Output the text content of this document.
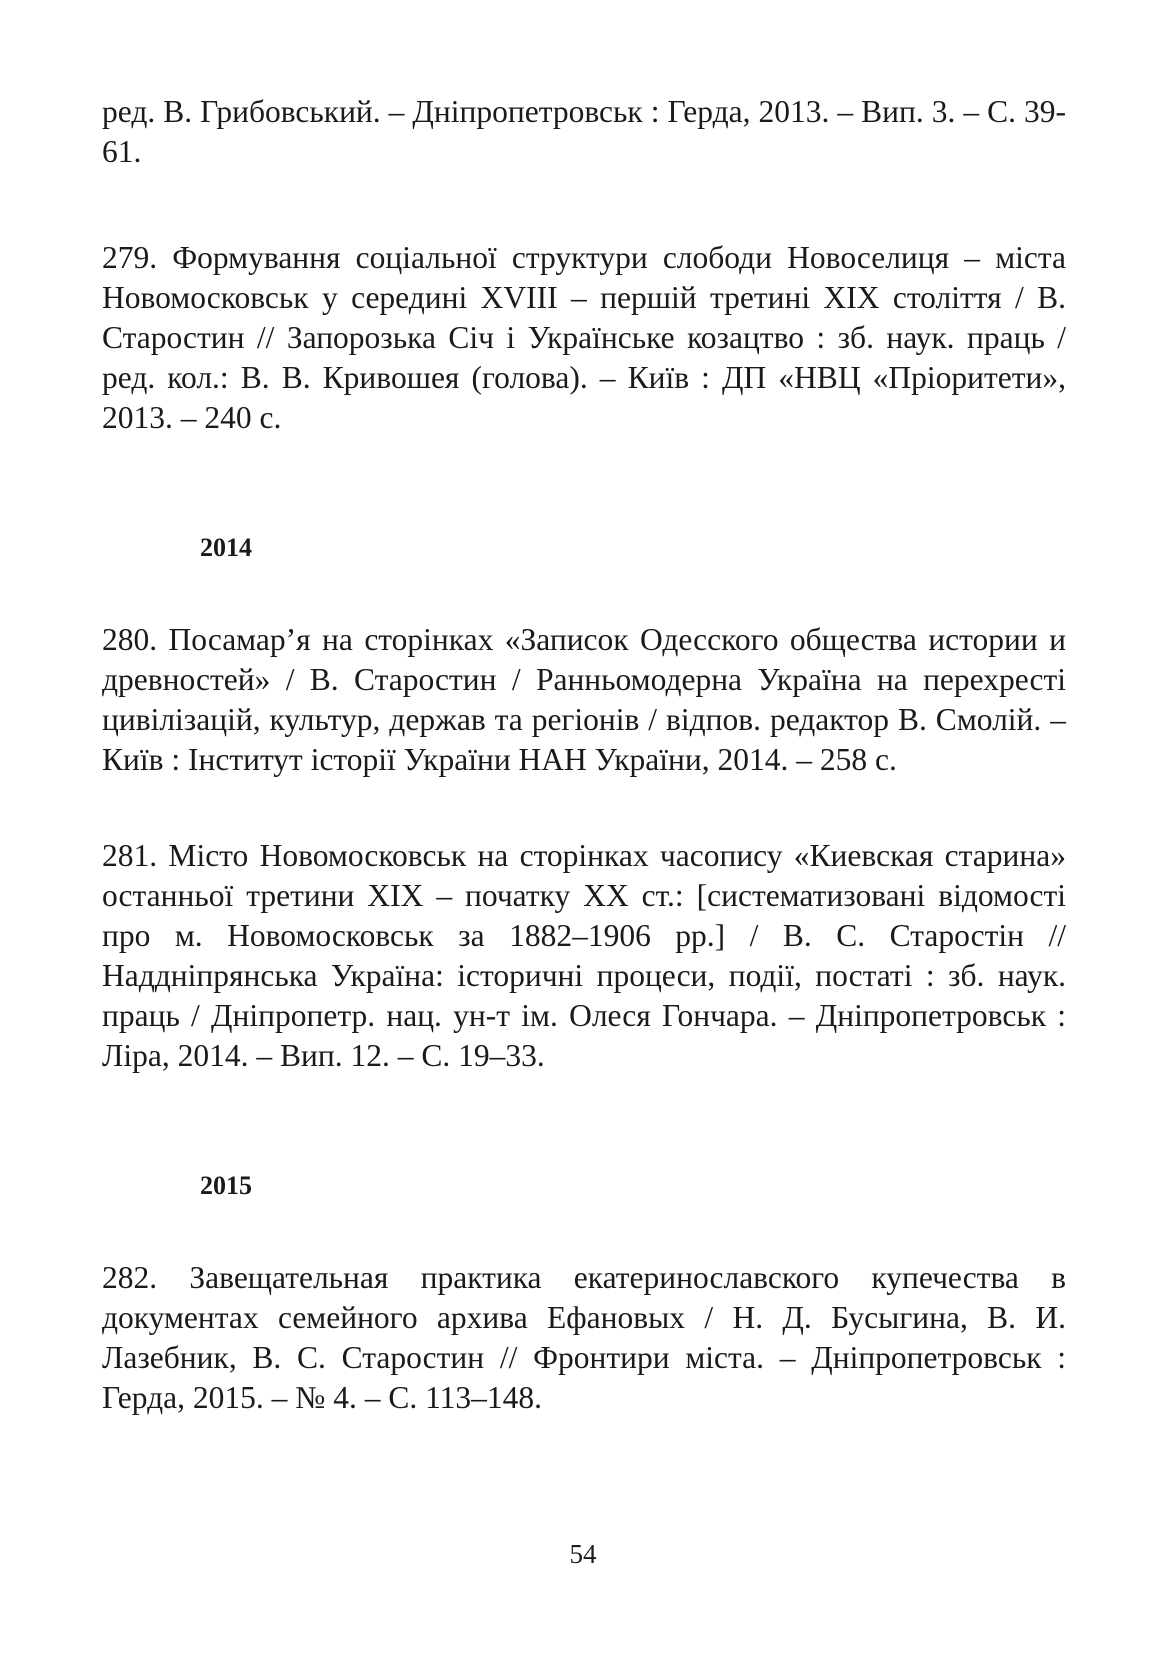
ред. В. Грибовський. – Дніпропетровськ : Герда, 2013. – Вип. 3. – С. 39-61.

279. Формування соціальної структури слободи Новоселиця – міста Новомосковськ у середині XVIII – першій третині XIX століття / В. Старостин // Запорозька Січ і Українське козацтво : зб. наук. праць / ред. кол.: В. В. Кривошея (голова). – Київ : ДП «НВЦ «Пріоритети», 2013. – 240 с.

2014

280. Посамар’я на сторінках «Записок Одесского общества истории и древностей» / В. Старостин / Ранньомодерна Україна на перехресті цивілізацій, культур, держав та регіонів / відпов. редактор В. Смолій. – Київ : Інститут історії України НАН України, 2014. – 258 с.

281. Місто Новомосковськ на сторінках часопису «Киевская старина» останньої третини XIX – початку XX ст.: [систематизовані відомості про м. Новомосковськ за 1882–1906 рр.] / В. С. Старостін // Наддніпрянська Україна: історичні процеси, події, постаті : зб. наук. праць / Дніпропетр. нац. ун-т ім. Олеся Гончара. – Дніпропетровськ : Ліра, 2014. – Вип. 12. – С. 19–33.

2015

282. Завещательная практика екатеринославского купечества в документах семейного архива Ефановых / Н. Д. Бусыгина, В. И. Лазебник, В. С. Старостин // Фронтири міста. – Дніпропетровськ : Герда, 2015. – № 4. – С. 113–148.

54
